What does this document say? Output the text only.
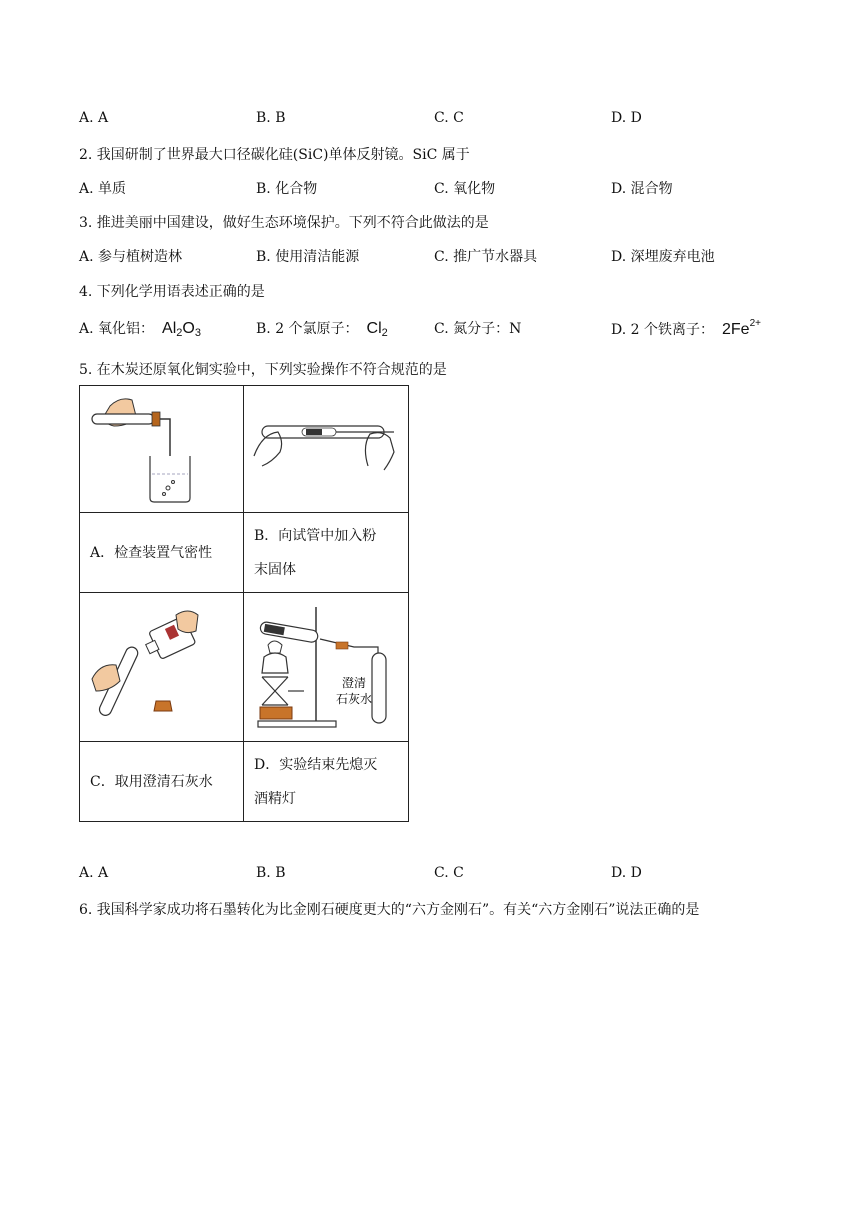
A. A	B. B	C. C	D. D
2. 我国研制了世界最大口径碳化硅(SiC)单体反射镜。SiC 属于
A. 单质	B. 化合物	C. 氧化物	D. 混合物
3. 推进美丽中国建设，做好生态环境保护。下列不符合此做法的是
A. 参与植树造林	B. 使用清洁能源	C. 推广节水器具	D. 深埋废弃电池
4. 下列化学用语表述正确的是
A. 氧化铝： $Al_2O_3$	B. 2 个氯原子： $Cl_2$	C. 氮分子：N	D. 2 个铁离子： $2Fe^{2+}$
5. 在木炭还原氧化铜实验中，下列实验操作不符合规范的是

A．检查装置气密性	B．向试管中加入粉
末固体

澄清
石灰水

C．取用澄清石灰水	D．实验结束先熄灭
酒精灯
A. A	B. B	C. C	D. D
6. 我国科学家成功将石墨转化为比金刚石硬度更大的“六方金刚石”。有关“六方金刚石”说法正确的是
